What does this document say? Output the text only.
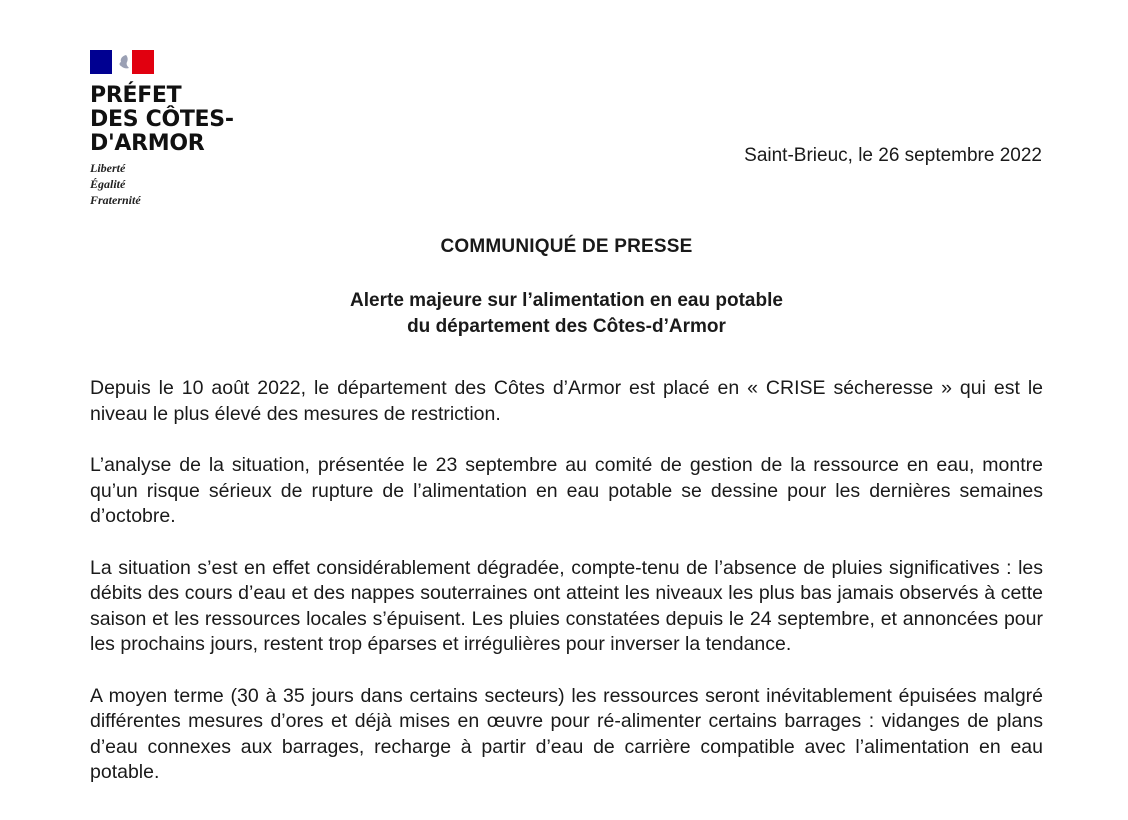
PRÉFET
DES CÔTES-
D'ARMOR
Liberté
Égalité
Fraternité
Saint-Brieuc, le 26 septembre 2022
COMMUNIQUÉ DE PRESSE
Alerte majeure sur l’alimentation en eau potable
du département des Côtes-d’Armor

Depuis le 10 août 2022, le département des Côtes d’Armor est placé en « CRISE sécheresse » qui est le niveau le plus élevé des mesures de restriction.

L’analyse de la situation, présentée le 23 septembre au comité de gestion de la ressource en eau, montre qu’un risque sérieux de rupture de l’alimentation en eau potable se dessine pour les dernières semaines d’octobre.

La situation s’est en effet considérablement dégradée, compte-tenu de l’absence de pluies significatives : les débits des cours d’eau et des nappes souterraines ont atteint les niveaux les plus bas jamais observés à cette saison et les ressources locales s’épuisent. Les pluies constatées depuis le 24 septembre, et annoncées pour les prochains jours, restent trop éparses et irrégulières pour inverser la tendance.

A moyen terme (30 à 35 jours dans certains secteurs) les ressources seront inévitablement épuisées malgré différentes mesures d’ores et déjà mises en œuvre pour ré-alimenter certains barrages : vidanges de plans d’eau connexes aux barrages, recharge à partir d’eau de carrière compatible avec l’alimentation en eau potable.
